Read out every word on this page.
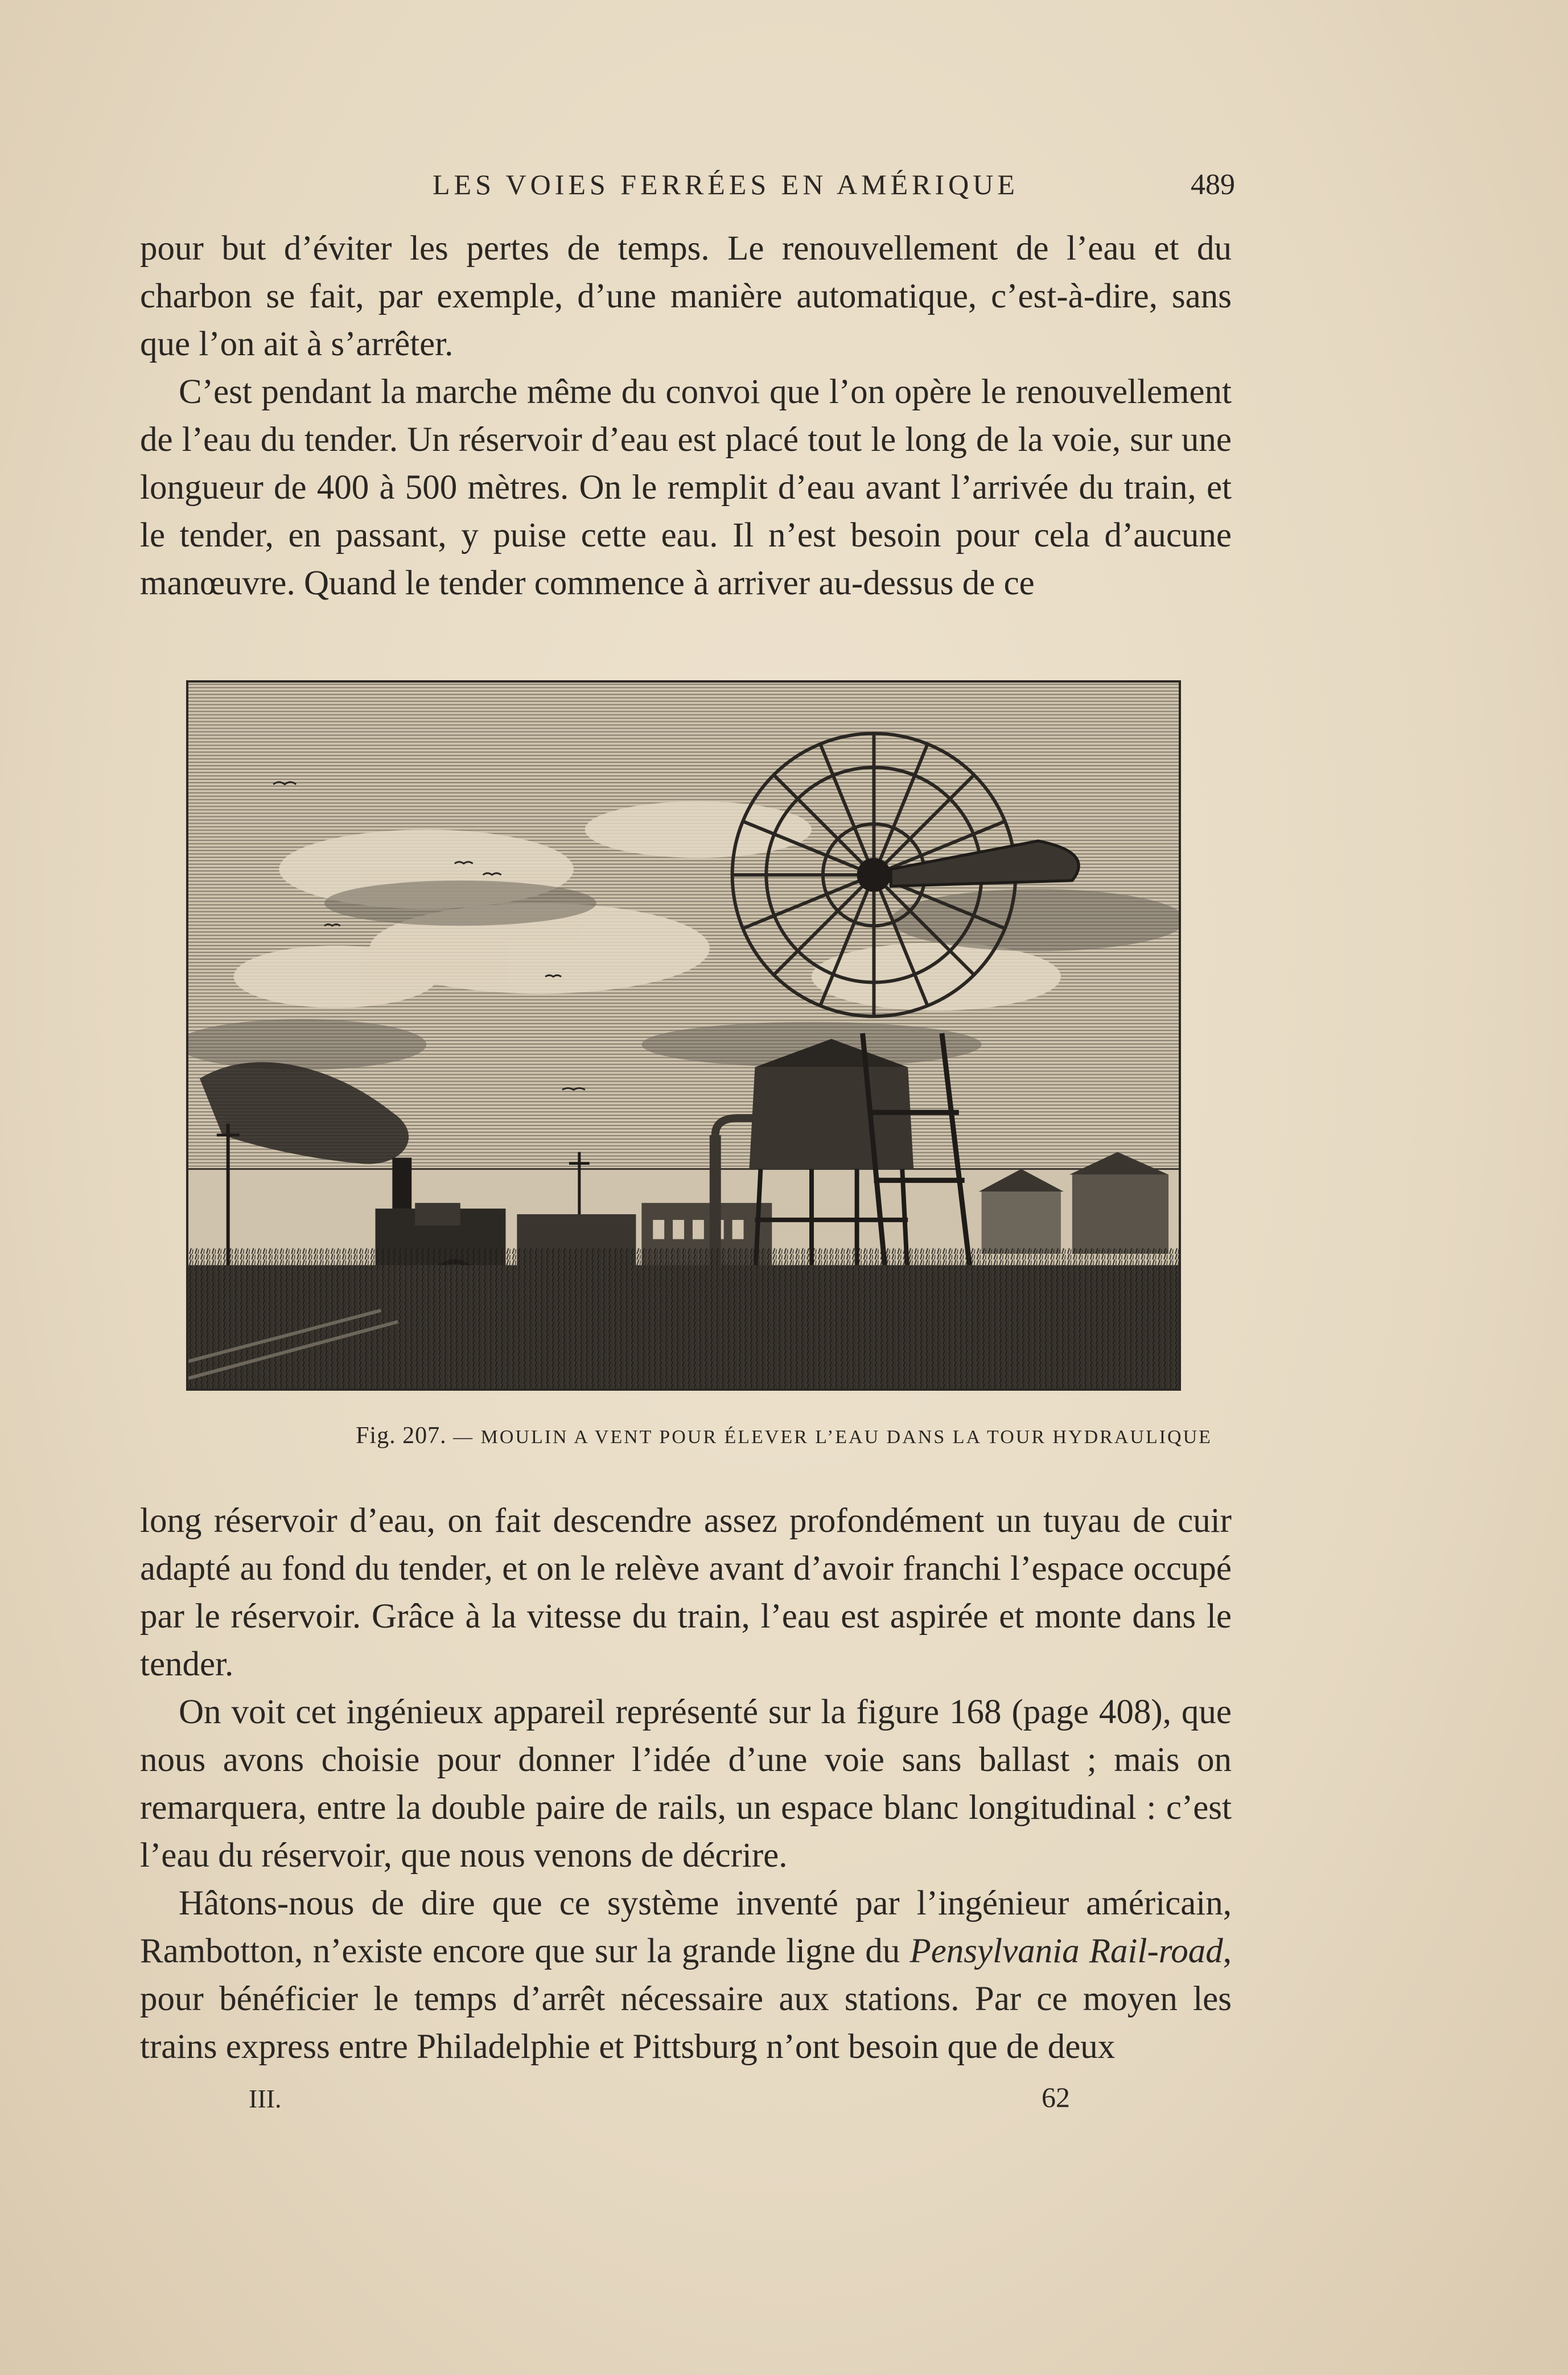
LES VOIES FERRÉES EN AMÉRIQUE	489

pour but d’éviter les pertes de temps. Le renouvellement de l’eau et du charbon se fait, par exemple, d’une manière automatique, c’est-à-dire, sans que l’on ait à s’arrêter.

C’est pendant la marche même du convoi que l’on opère le renouvellement de l’eau du tender. Un réservoir d’eau est placé tout le long de la voie, sur une longueur de 400 à 500 mètres. On le remplit d’eau avant l’arrivée du train, et le tender, en passant, y puise cette eau. Il n’est besoin pour cela d’aucune manœuvre. Quand le tender commence à arriver au-dessus de ce

Fig. 207. — MOULIN A VENT POUR ÉLEVER L’EAU DANS LA TOUR HYDRAULIQUE

long réservoir d’eau, on fait descendre assez profondément un tuyau de cuir adapté au fond du tender, et on le relève avant d’avoir franchi l’espace occupé par le réservoir. Grâce à la vitesse du train, l’eau est aspirée et monte dans le tender.

On voit cet ingénieux appareil représenté sur la figure 168 (page 408), que nous avons choisie pour donner l’idée d’une voie sans ballast ; mais on remarquera, entre la double paire de rails, un espace blanc longitudinal : c’est l’eau du réservoir, que nous venons de décrire.

Hâtons-nous de dire que ce système inventé par l’ingénieur américain, Rambotton, n’existe encore que sur la grande ligne du Pensylvania Rail-road, pour bénéficier le temps d’arrêt nécessaire aux stations. Par ce moyen les trains express entre Philadelphie et Pittsburg n’ont besoin que de deux

III.	62
